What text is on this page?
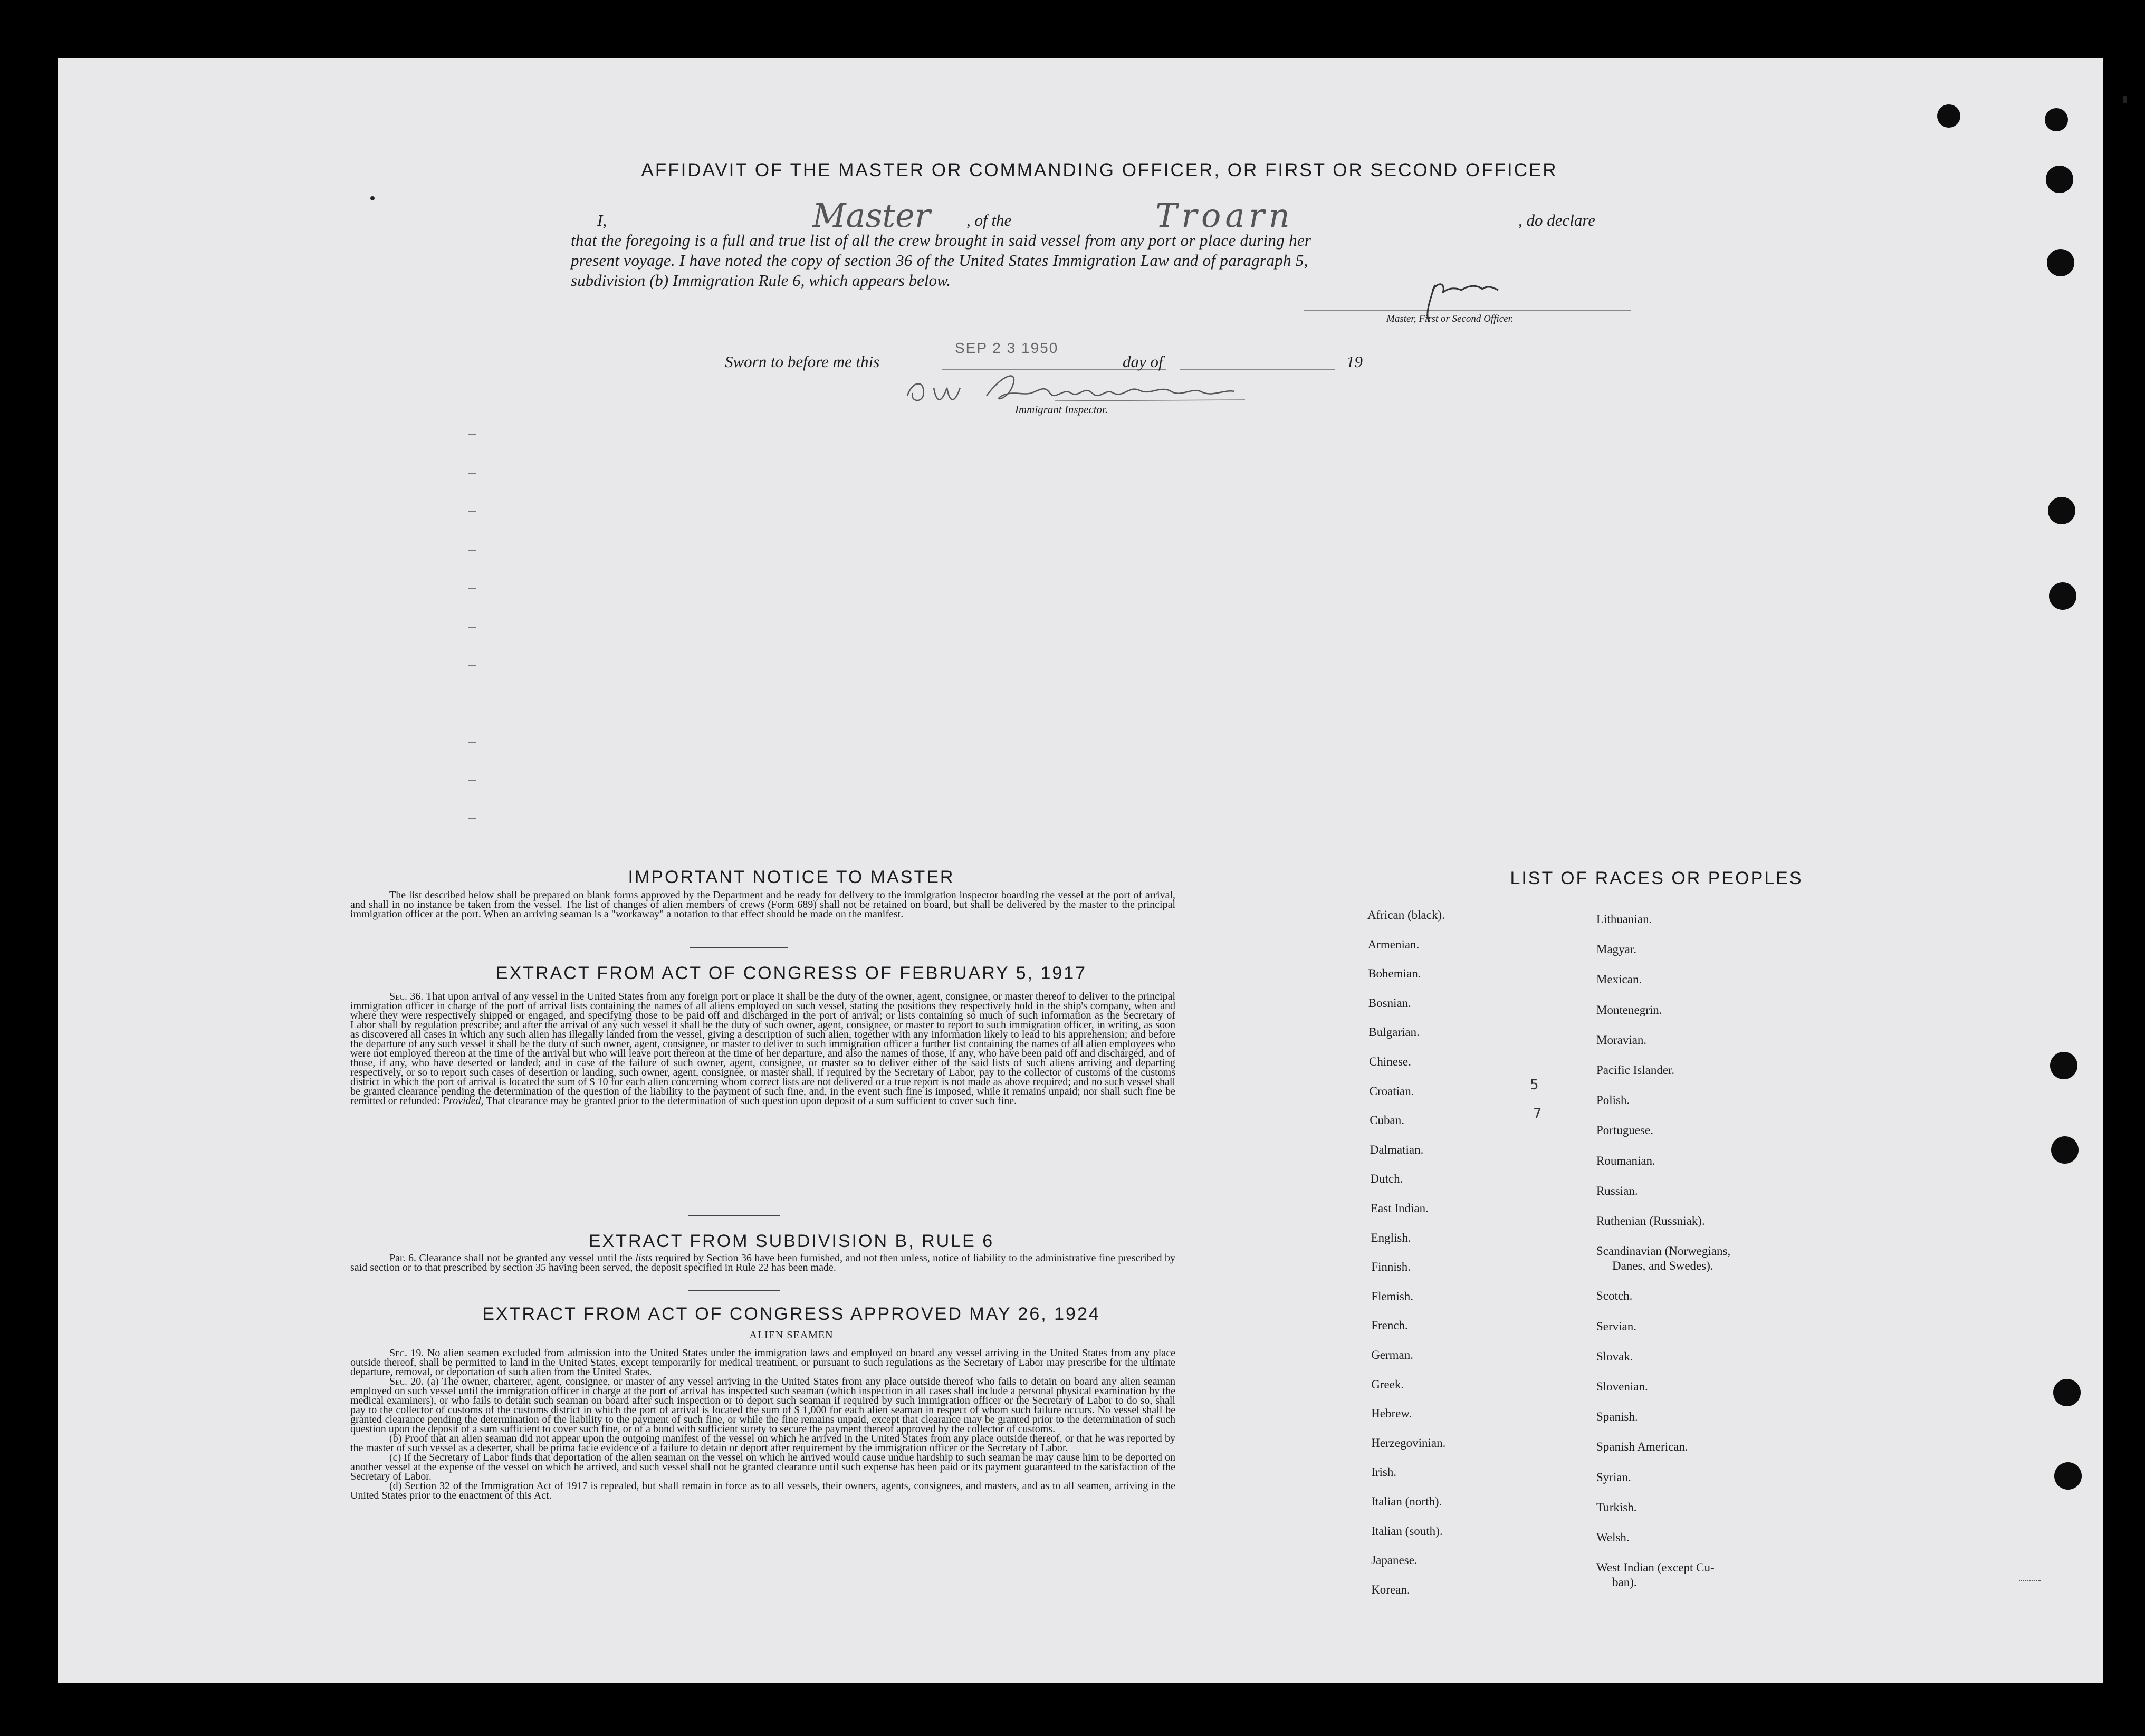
AFFIDAVIT OF THE MASTER OR COMMANDING OFFICER, OR FIRST OR SECOND OFFICER
I,	Master , of the	Troarn	, do declare
that the foregoing is a full and true list of all the crew brought in said vessel from any port or place during her
present voyage. I have noted the copy of section 36 of the United States Immigration Law and of paragraph 5,
subdivision (b) Immigration Rule 6, which appears below.
Master, First or Second Officer.
Sworn to before me this
SEP 2 3 1950
day of	19
Immigrant Inspector.
IMPORTANT NOTICE TO MASTER
The list described below shall be prepared on blank forms approved by the Department and be ready for delivery to the immigration inspector boarding the vessel at the port of arrival, and shall in no instance be taken from the vessel. The list of changes of alien members of crews (Form 689) shall not be retained on board, but shall be delivered by the master to the principal immigration officer at the port. When an arriving seaman is a "workaway" a notation to that effect should be made on the manifest.
EXTRACT FROM ACT OF CONGRESS OF FEBRUARY 5, 1917
Sec. 36. That upon arrival of any vessel in the United States from any foreign port or place it shall be the duty of the owner, agent, consignee, or master thereof to deliver to the principal immigration officer in charge of the port of arrival lists containing the names of all aliens employed on such vessel, stating the positions they respectively hold in the ship's company, when and where they were respectively shipped or engaged, and specifying those to be paid off and discharged in the port of arrival; or lists containing so much of such information as the Secretary of Labor shall by regulation prescribe; and after the arrival of any such vessel it shall be the duty of such owner, agent, consignee, or master to report to such immigration officer, in writing, as soon as discovered all cases in which any such alien has illegally landed from the vessel, giving a description of such alien, together with any information likely to lead to his apprehension; and before the departure of any such vessel it shall be the duty of such owner, agent, consignee, or master to deliver to such immigration officer a further list containing the names of all alien employees who were not employed thereon at the time of the arrival but who will leave port thereon at the time of her departure, and also the names of those, if any, who have been paid off and discharged, and of those, if any, who have deserted or landed; and in case of the failure of such owner, agent, consignee, or master so to deliver either of the said lists of such aliens arriving and departing respectively, or so to report such cases of desertion or landing, such owner, agent, consignee, or master shall, if required by the Secretary of Labor, pay to the collector of customs of the customs district in which the port of arrival is located the sum of $ 10 for each alien concerning whom correct lists are not delivered or a true report is not made as above required; and no such vessel shall be granted clearance pending the determination of the question of the liability to the payment of such fine, and, in the event such fine is imposed, while it remains unpaid; nor shall such fine be remitted or refunded: Provided, That clearance may be granted prior to the determination of such question upon deposit of a sum sufficient to cover such fine.
EXTRACT FROM SUBDIVISION B, RULE 6
Par. 6. Clearance shall not be granted any vessel until the lists required by Section 36 have been furnished, and not then unless, notice of liability to the administrative fine prescribed by said section or to that prescribed by section 35 having been served, the deposit specified in Rule 22 has been made.
EXTRACT FROM ACT OF CONGRESS APPROVED MAY 26, 1924
ALIEN SEAMEN
Sec. 19. No alien seamen excluded from admission into the United States under the immigration laws and employed on board any vessel arriving in the United States from any place outside thereof, shall be permitted to land in the United States, except temporarily for medical treatment, or pursuant to such regulations as the Secretary of Labor may prescribe for the ultimate departure, removal, or deportation of such alien from the United States.
Sec. 20. (a) The owner, charterer, agent, consignee, or master of any vessel arriving in the United States from any place outside thereof who fails to detain on board any alien seaman employed on such vessel until the immigration officer in charge at the port of arrival has inspected such seaman (which inspection in all cases shall include a personal physical examination by the medical examiners), or who fails to detain such seaman on board after such inspection or to deport such seaman if required by such immigration officer or the Secretary of Labor to do so, shall pay to the collector of customs of the customs district in which the port of arrival is located the sum of $ 1,000 for each alien seaman in respect of whom such failure occurs. No vessel shall be granted clearance pending the determination of the liability to the payment of such fine, or while the fine remains unpaid, except that clearance may be granted prior to the determination of such question upon the deposit of a sum sufficient to cover such fine, or of a bond with sufficient surety to secure the payment thereof approved by the collector of customs.
(b) Proof that an alien seaman did not appear upon the outgoing manifest of the vessel on which he arrived in the United States from any place outside thereof, or that he was reported by the master of such vessel as a deserter, shall be prima facie evidence of a failure to detain or deport after requirement by the immigration officer or the Secretary of Labor.
(c) If the Secretary of Labor finds that deportation of the alien seaman on the vessel on which he arrived would cause undue hardship to such seaman he may cause him to be deported on another vessel at the expense of the vessel on which he arrived, and such vessel shall not be granted clearance until such expense has been paid or its payment guaranteed to the satisfaction of the Secretary of Labor.
(d) Section 32 of the Immigration Act of 1917 is repealed, but shall remain in force as to all vessels, their owners, agents, consignees, and masters, and as to all seamen, arriving in the United States prior to the enactment of this Act.
LIST OF RACES OR PEOPLES
African (black).
Armenian.
Bohemian.
Bosnian.
Bulgarian.
Chinese.
Croatian.
Cuban.
Dalmatian.
Dutch.
East Indian.
English.
Finnish.
Flemish.
French.
German.
Greek.
Hebrew.
Herzegovinian.
Irish.
Italian (north).
Italian (south).
Japanese.
Korean.
Lithuanian.
Magyar.
Mexican.
Montenegrin.
Moravian.
Pacific Islander.
Polish.
Portuguese.
Roumanian.
Russian.
Ruthenian (Russniak).
Scandinavian (Norwegians,
Danes, and Swedes).
Scotch.
Servian.
Slovak.
Slovenian.
Spanish.
Spanish American.
Syrian.
Turkish.
Welsh.
West Indian (except Cu-
ban).
5
7
